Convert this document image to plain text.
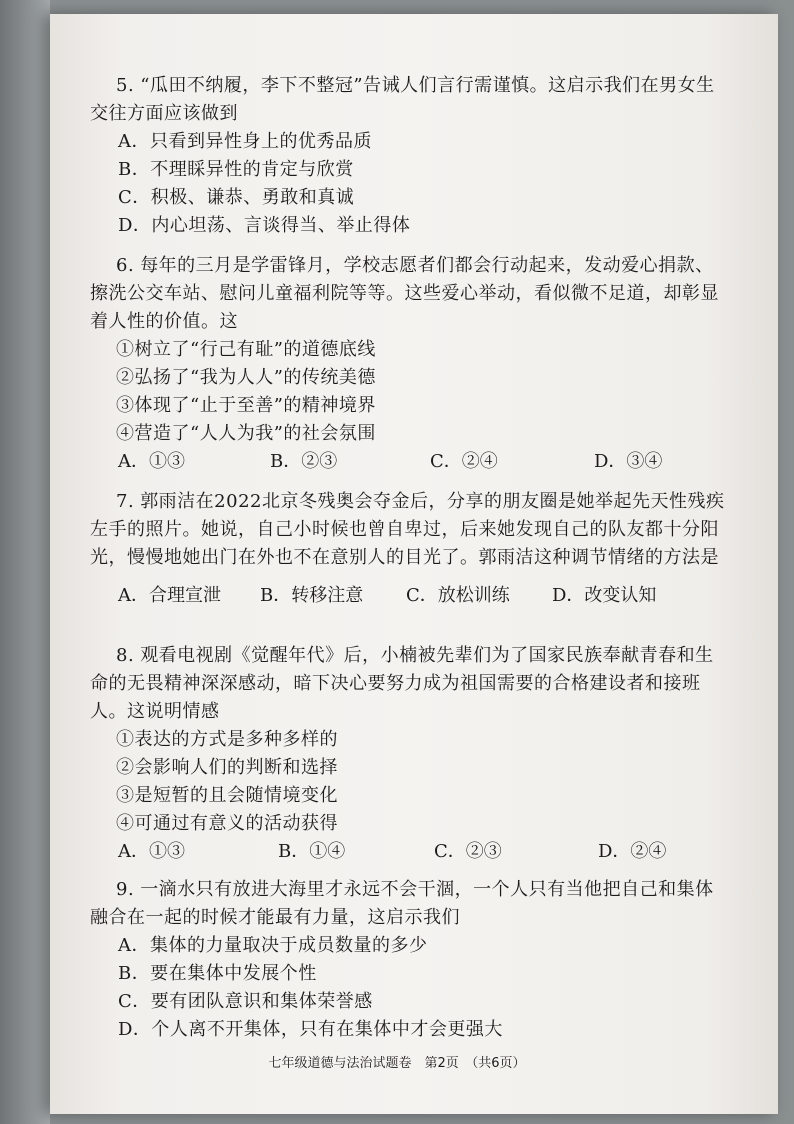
5. “瓜田不纳履，李下不整冠”告诫人们言行需谨慎。这启示我们在男女生交往方面应该做到

A．只看到异性身上的优秀品质
B．不理睬异性的肯定与欣赏
C．积极、谦恭、勇敢和真诚
D．内心坦荡、言谈得当、举止得体

6. 每年的三月是学雷锋月，学校志愿者们都会行动起来，发动爱心捐款、擦洗公交车站、慰问儿童福利院等等。这些爱心举动，看似微不足道，却彰显着人性的价值。这

①树立了“行己有耻”的道德底线
②弘扬了“我为人人”的传统美德
③体现了“止于至善”的精神境界
④营造了“人人为我”的社会氛围
A．①③	B．②③	C．②④	D．③④

7. 郭雨洁在2022北京冬残奥会夺金后，分享的朋友圈是她举起先天性残疾左手的照片。她说，自己小时候也曾自卑过，后来她发现自己的队友都十分阳光，慢慢地她出门在外也不在意别人的目光了。郭雨洁这种调节情绪的方法是

A．合理宣泄	B．转移注意	C．放松训练	D．改变认知

8. 观看电视剧《觉醒年代》后，小楠被先辈们为了国家民族奉献青春和生命的无畏精神深深感动，暗下决心要努力成为祖国需要的合格建设者和接班人。这说明情感

①表达的方式是多种多样的
②会影响人们的判断和选择
③是短暂的且会随情境变化
④可通过有意义的活动获得
A．①③	B．①④	C．②③	D．②④

9. 一滴水只有放进大海里才永远不会干涸，一个人只有当他把自己和集体融合在一起的时候才能最有力量，这启示我们

A．集体的力量取决于成员数量的多少
B．要在集体中发展个性
C．要有团队意识和集体荣誉感
D．个人离不开集体，只有在集体中才会更强大
七年级道德与法治试题卷　第2页　（共6页）
